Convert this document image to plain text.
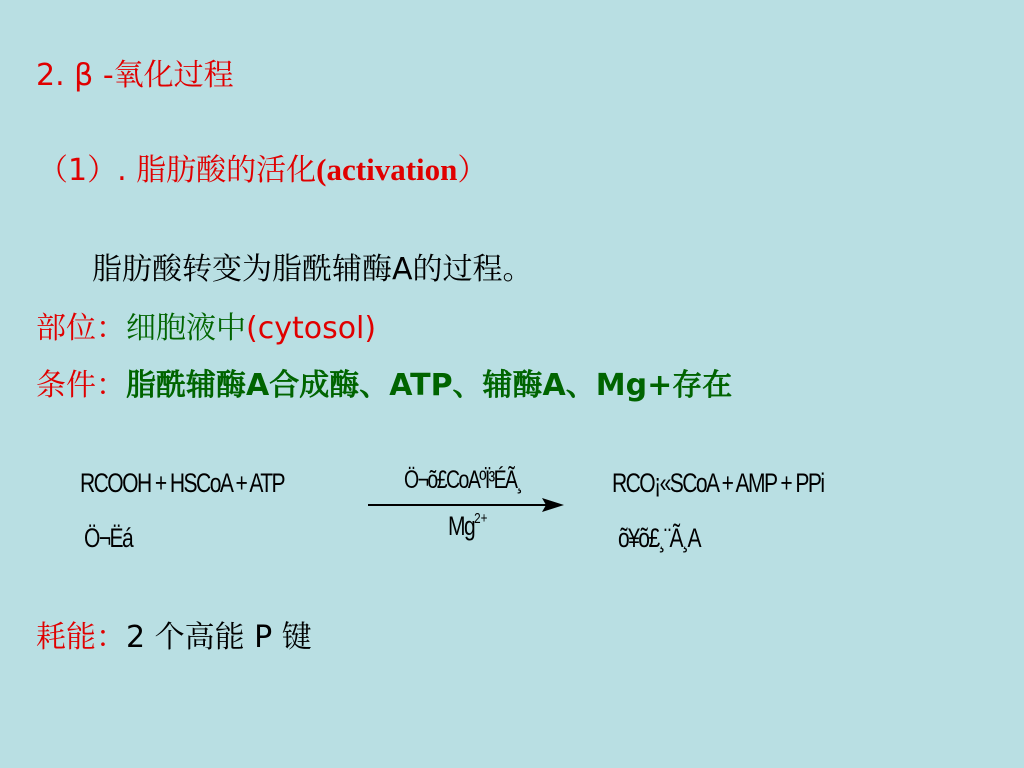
2. β -氧化过程
（1）. 脂肪酸的活化(activation）
脂肪酸转变为脂酰辅酶A的过程。
部位：细胞液中(cytosol)
条件：脂酰辅酶A合成酶、ATP、辅酶A、Mg+存在
RCOOH + HSCoA + ATP
Ö¬Ëá
Ö¬õ£CoAºÏ³ÉÃ¸
$Mg^{2+}$
RCO¡«SCoA + AMP + PPi
õ¥õ£¸¨Ã¸A
耗能：2 个高能 P 键
